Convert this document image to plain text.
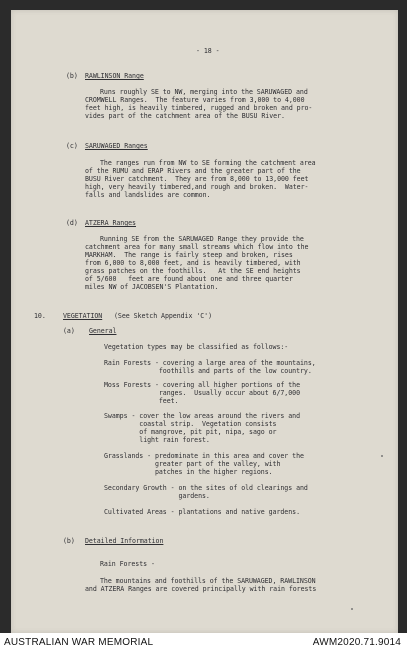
- 18 -
(b) RAWLINSON Range
Runs roughly SE to NW, merging into the SARUWAGED and
CROMWELL Ranges.  The feature varies from 3,000 to 4,000
feet high, is heavily timbered, rugged and broken and pro-
vides part of the catchment area of the BUSU River.
(c) SARUWAGED Ranges
The ranges run from NW to SE forming the catchment area
of the RUMU and ERAP Rivers and the greater part of the
BUSU River catchment.  They are from 8,000 to 13,000 feet
high, very heavily timbered,and rough and broken.  Water-
falls and landslides are common.
(d) ATZERA Ranges
Running SE from the SARUWAGED Range they provide the
catchment area for many small streams which flow into the
MARKHAM.  The range is fairly steep and broken, rises
from 6,000 to 8,000 feet, and is heavily timbered, with
grass patches on the foothills.   At the SE end heights
of 5/600   feet are found about one and three quarter
miles NW of JACOBSEN'S Plantation.
10.	VEGETATION (See Sketch Appendix 'C')
(a) General
Vegetation types may be classified as follows:-
Rain Forests - covering a large area of the mountains,
foothills and parts of the low country.
Moss Forests - covering all higher portions of the
ranges.  Usually occur about 6/7,000
feet.
Swamps - cover the low areas around the rivers and
coastal strip.  Vegetation consists
of mangrove, pit pit, nipa, sago or
light rain forest.
Grasslands - predominate in this area and cover the
greater part of the valley, with
patches in the higher regions.
Secondary Growth - on the sites of old clearings and
gardens.
Cultivated Areas - plantations and native gardens.
(b) Detailed Information
Rain Forests -
The mountains and foothills of the SARUWAGED, RAWLINSON
and ATZERA Ranges are covered principally with rain forests
AUSTRALIAN WAR MEMORIAL	AWM2020.71.9014
